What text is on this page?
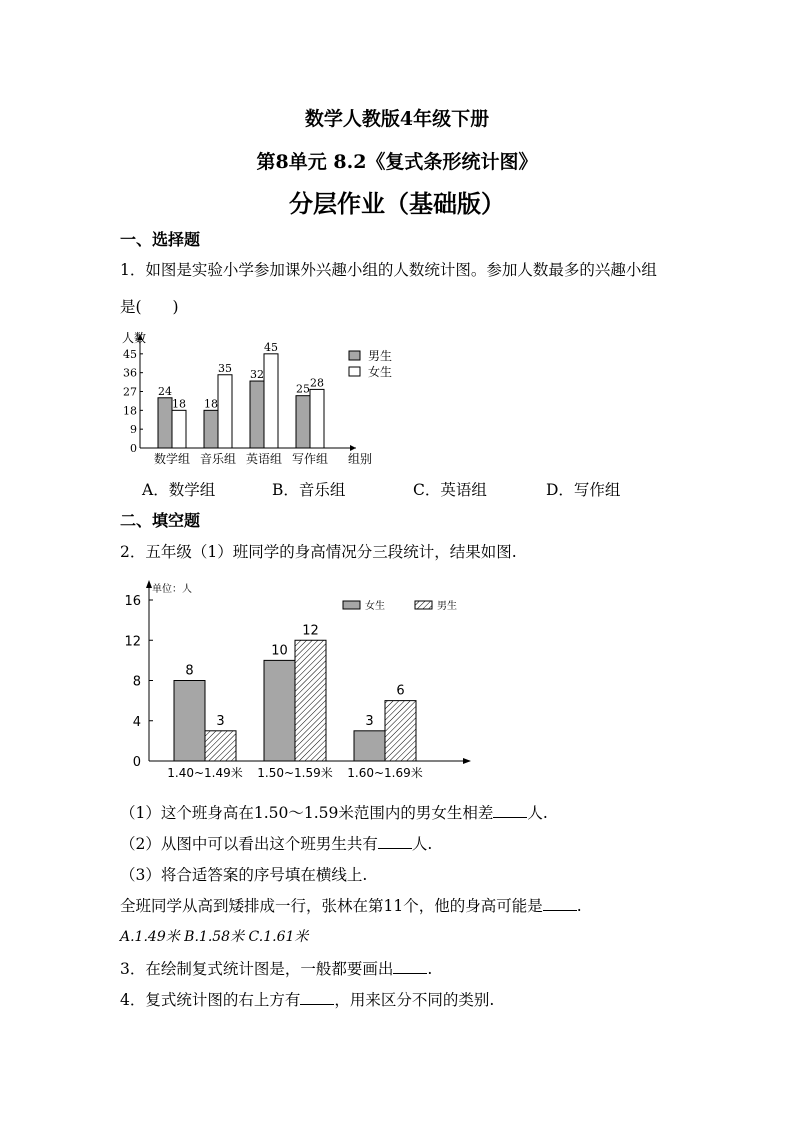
数学人教版4年级下册
第8单元 8.2《复式条形统计图》
分层作业（基础版）
一、选择题
1．如图是实验小学参加课外兴趣小组的人数统计图。参加人数最多的兴趣小组
是(　　)
人数
0
9
18
27
36
45
24
18
数学组
18
35
音乐组
32
45
英语组
25 28
写作组 组别
男生
女生
A．数学组	B．音乐组	C．英语组	D．写作组
二、填空题
2．五年级（1）班同学的身高情况分三段统计，结果如图.
单位：人
0
4
8
12
16
8
3
1.40~1.49米
10
12
1.50~1.59米
3
6
1.60~1.69米
女生	男生
（1）这个班身高在1.50～1.59米范围内的男女生相差 人.
（2）从图中可以看出这个班男生共有 人.
（3）将合适答案的序号填在横线上.
全班同学从高到矮排成一行，张林在第11个，他的身高可能是 .
A.1.49米 B.1.58米 C.1.61米
3．在绘制复式统计图是，一般都要画出 .
4．复式统计图的右上方有 ，用来区分不同的类别.
